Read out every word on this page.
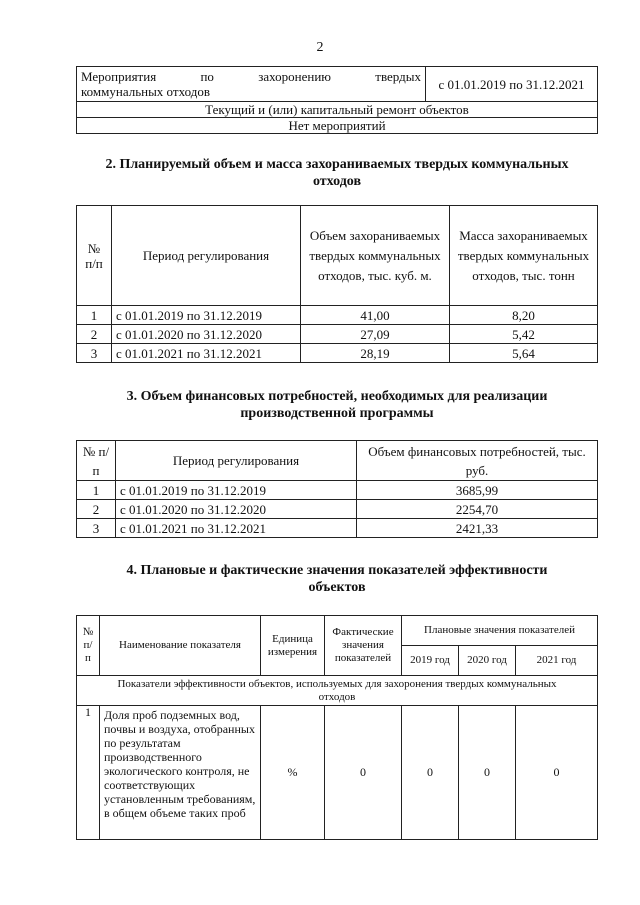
2
Мероприятия по захоронению твердых
коммунальных отходов	с 01.01.2019 по 31.12.2021
Текущий и (или) капитальный ремонт объектов
Нет мероприятий
2. Планируемый объем и масса захораниваемых твердых коммунальных
отходов
№ п/п	Период регулирования	Объем захораниваемых твердых коммунальных отходов, тыс. куб. м.	Масса захораниваемых твердых коммунальных отходов, тыс. тонн
1	с 01.01.2019 по 31.12.2019	41,00	8,20
2	с 01.01.2020 по 31.12.2020	27,09	5,42
3	с 01.01.2021 по 31.12.2021	28,19	5,64
3. Объем финансовых потребностей, необходимых для реализации
производственной программы
№ п/п	Период регулирования	Объем финансовых потребностей, тыс. руб.
1	с 01.01.2019 по 31.12.2019	3685,99
2	с 01.01.2020 по 31.12.2020	2254,70
3	с 01.01.2021 по 31.12.2021	2421,33
4. Плановые и фактические значения показателей эффективности
объектов
№ п/п	Наименование показателя	Единица измерения	Фактические значения показателей	Плановые значения показателей		
				2019 год	2020 год	2021 год
Показатели эффективности объектов, используемых для захоронения твердых коммунальных отходов						
1	Доля проб подземных вод, почвы и воздуха, отобранных по результатам производственного экологического контроля, не соответствующих установленным требованиям, в общем объеме таких проб	%	0	0	0	0
